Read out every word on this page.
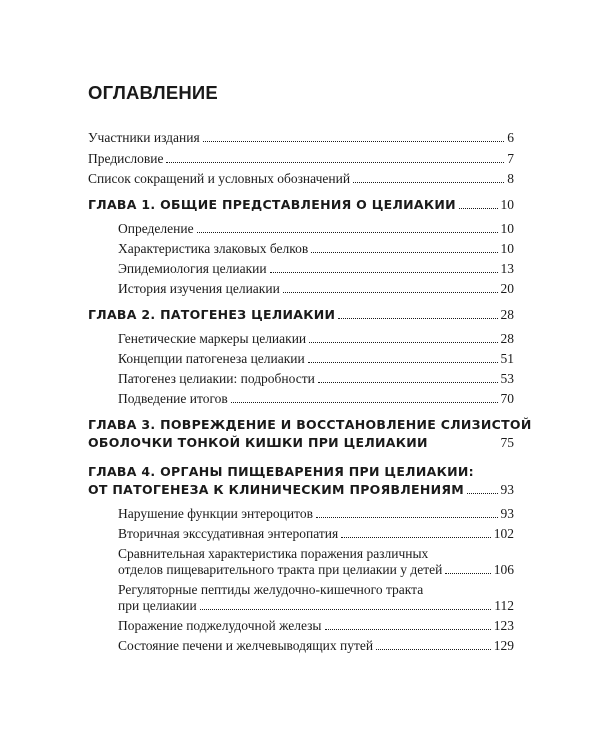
ОГЛАВЛЕНИЕ
Участники издания	6
Предисловие	7
Список сокращений и условных обозначений	8
ГЛАВА 1. ОБЩИЕ ПРЕДСТАВЛЕНИЯ О ЦЕЛИАКИИ	10
Определение	10
Характеристика злаковых белков	10
Эпидемиология целиакии	13
История изучения целиакии	20
ГЛАВА 2. ПАТОГЕНЕЗ ЦЕЛИАКИИ	28
Генетические маркеры целиакии	28
Концепции патогенеза целиакии	51
Патогенез целиакии: подробности	53
Подведение итогов	70
ГЛАВА 3. ПОВРЕЖДЕНИЕ И ВОССТАНОВЛЕНИЕ СЛИЗИСТОЙ
ОБОЛОЧКИ ТОНКОЙ КИШКИ ПРИ ЦЕЛИАКИИ	75
ГЛАВА 4. ОРГАНЫ ПИЩЕВАРЕНИЯ ПРИ ЦЕЛИАКИИ:
ОТ ПАТОГЕНЕЗА К КЛИНИЧЕСКИМ ПРОЯВЛЕНИЯМ	93
Нарушение функции энтероцитов	93
Вторичная экссудативная энтеропатия	102
Сравнительная характеристика поражения различных
отделов пищеварительного тракта при целиакии у детей	106
Регуляторные пептиды желудочно-кишечного тракта
при целиакии	112
Поражение поджелудочной железы	123
Состояние печени и желчевыводящих путей	129
